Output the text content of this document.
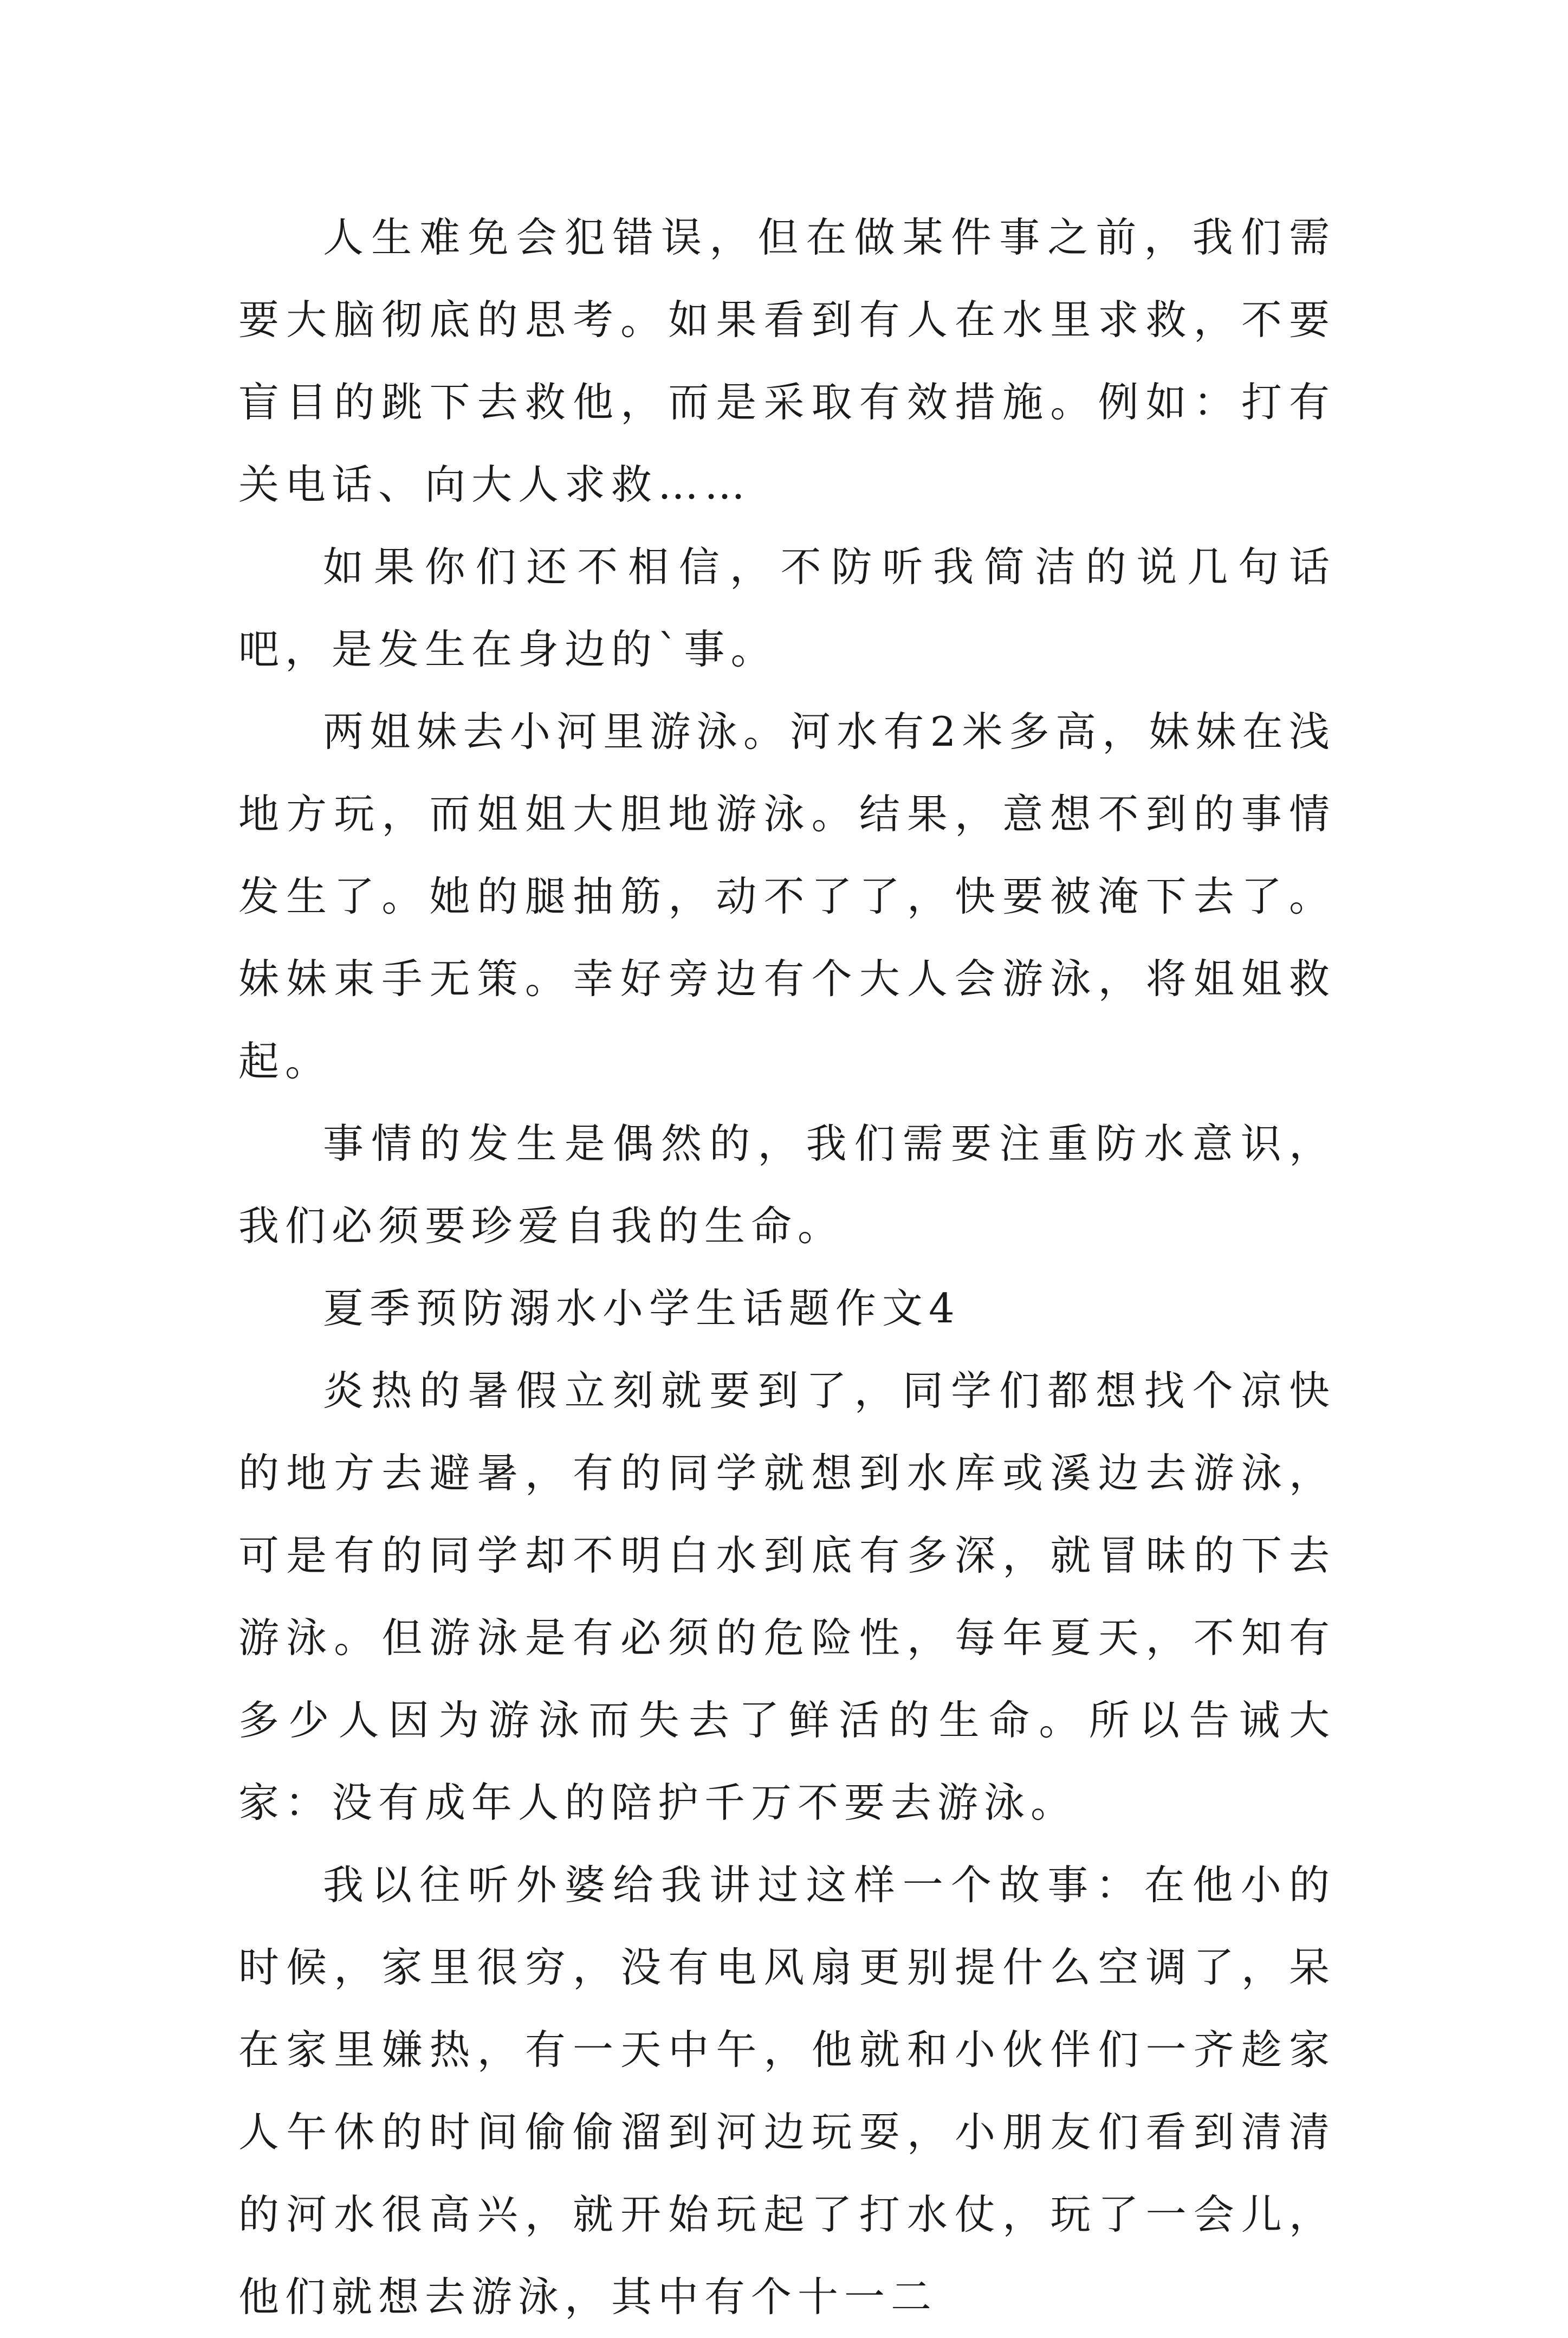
人生难免会犯错误，但在做某件事之前，我们需要大脑彻底的思考。如果看到有人在水里求救，不要盲目的跳下去救他，而是采取有效措施。例如：打有关电话、向大人求救……

如果你们还不相信，不防听我简洁的说几句话吧，是发生在身边的`事。

两姐妹去小河里游泳。河水有2米多高，妹妹在浅地方玩，而姐姐大胆地游泳。结果，意想不到的事情发生了。她的腿抽筋，动不了了，快要被淹下去了。妹妹束手无策。幸好旁边有个大人会游泳，将姐姐救起。

事情的发生是偶然的，我们需要注重防水意识，我们必须要珍爱自我的生命。

夏季预防溺水小学生话题作文4

炎热的暑假立刻就要到了，同学们都想找个凉快的地方去避暑，有的同学就想到水库或溪边去游泳，可是有的同学却不明白水到底有多深，就冒昧的下去游泳。但游泳是有必须的危险性，每年夏天，不知有多少人因为游泳而失去了鲜活的生命。所以告诫大家：没有成年人的陪护千万不要去游泳。

我以往听外婆给我讲过这样一个故事：在他小的时候，家里很穷，没有电风扇更别提什么空调了，呆在家里嫌热，有一天中午，他就和小伙伴们一齐趁家人午休的时间偷偷溜到河边玩耍，小朋友们看到清清的河水很高兴，就开始玩起了打水仗，玩了一会儿，他们就想去游泳，其中有个十一二
